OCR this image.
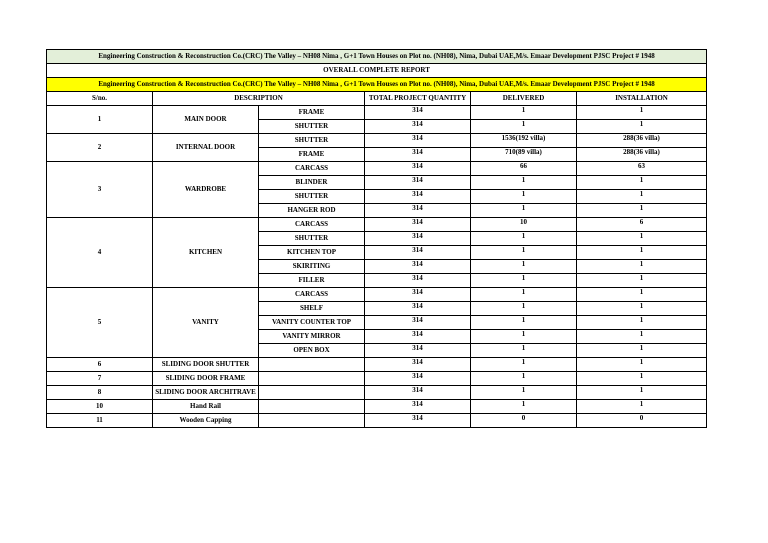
Engineering Construction & Reconstruction Co.(CRC) The Valley – NH08 Nima , G+1 Town Houses on Plot no. (NH08), Nima, Dubai UAE,M/s. Emaar Development PJSC Project # 1948					
OVERALL COMPLETE REPORT					
Engineering Construction & Reconstruction Co.(CRC) The Valley – NH08 Nima , G+1 Town Houses on Plot no. (NH08), Nima, Dubai UAE,M/s. Emaar Development PJSC Project # 1948					
S/no.	DESCRIPTION		TOTAL PROJECT QUANTITY	DELIVERED	INSTALLATION
1	MAIN DOOR	FRAME	314	1	1
		SHUTTER	314	1	1
2	INTERNAL DOOR	SHUTTER	314	1536(192 villa)	288(36 villa)
		FRAME	314	710(89 villa)	288(36 villa)
3	WARDROBE	CARCASS	314	66	63
		BLINDER	314	1	1
		SHUTTER	314	1	1
		HANGER ROD	314	1	1
4	KITCHEN	CARCASS	314	10	6
		SHUTTER	314	1	1
		KITCHEN TOP	314	1	1
		SKIRITING	314	1	1
		FILLER	314	1	1
5	VANITY	CARCASS	314	1	1
		SHELF	314	1	1
		VANITY COUNTER TOP	314	1	1
		VANITY MIRROR	314	1	1
		OPEN BOX	314	1	1
6	SLIDING DOOR SHUTTER		314	1	1
7	SLIDING DOOR FRAME		314	1	1
8	SLIDING DOOR ARCHITRAVE		314	1	1
10	Hand Rail		314	1	1
11	Wooden Capping		314	0	0
